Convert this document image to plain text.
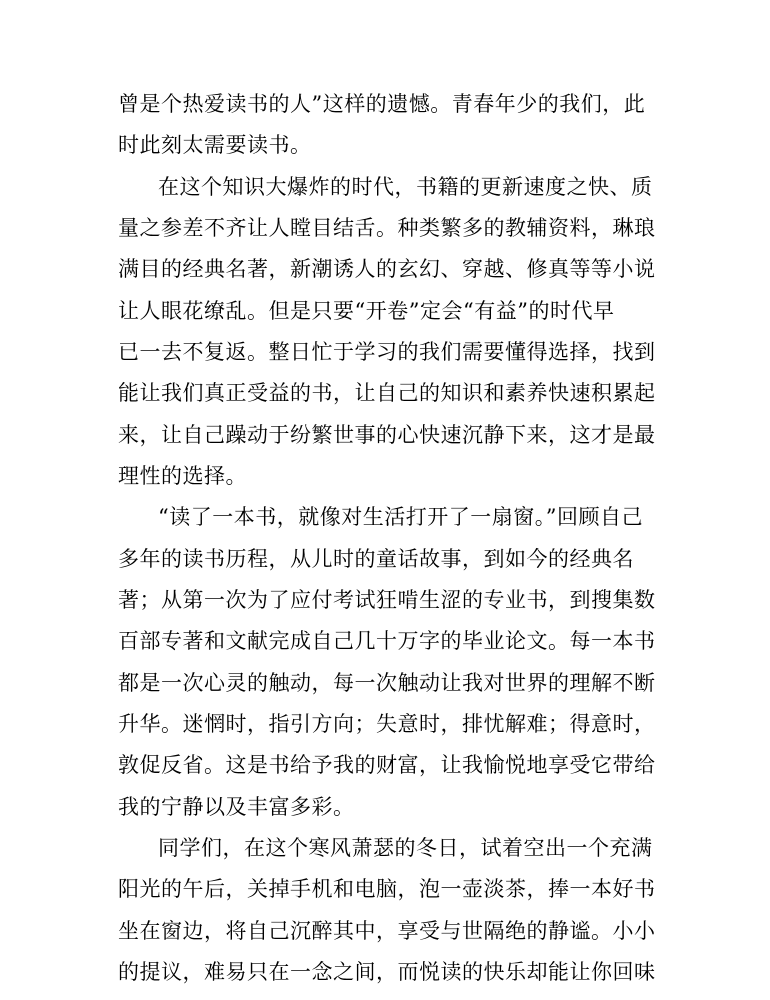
曾是个热爱读书的人”这样的遗憾。青春年少的我们，此
时此刻太需要读书。
在这个知识大爆炸的时代，书籍的更新速度之快、质
量之参差不齐让人瞠目结舌。种类繁多的教辅资料，琳琅
满目的经典名著，新潮诱人的玄幻、穿越、修真等等小说
让人眼花缭乱。但是只要“开卷”定会“有益”的时代早
已一去不复返。整日忙于学习的我们需要懂得选择，找到
能让我们真正受益的书，让自己的知识和素养快速积累起
来，让自己躁动于纷繁世事的心快速沉静下来，这才是最
理性的选择。
“读了一本书，就像对生活打开了一扇窗。”回顾自己
多年的读书历程，从儿时的童话故事，到如今的经典名
著；从第一次为了应付考试狂啃生涩的专业书，到搜集数
百部专著和文献完成自己几十万字的毕业论文。每一本书
都是一次心灵的触动，每一次触动让我对世界的理解不断
升华。迷惘时，指引方向；失意时，排忧解难；得意时，
敦促反省。这是书给予我的财富，让我愉悦地享受它带给
我的宁静以及丰富多彩。
同学们，在这个寒风萧瑟的冬日，试着空出一个充满
阳光的午后，关掉手机和电脑，泡一壶淡茶，捧一本好书
坐在窗边，将自己沉醉其中，享受与世隔绝的静谧。小小
的提议，难易只在一念之间，而悦读的快乐却能让你回味
